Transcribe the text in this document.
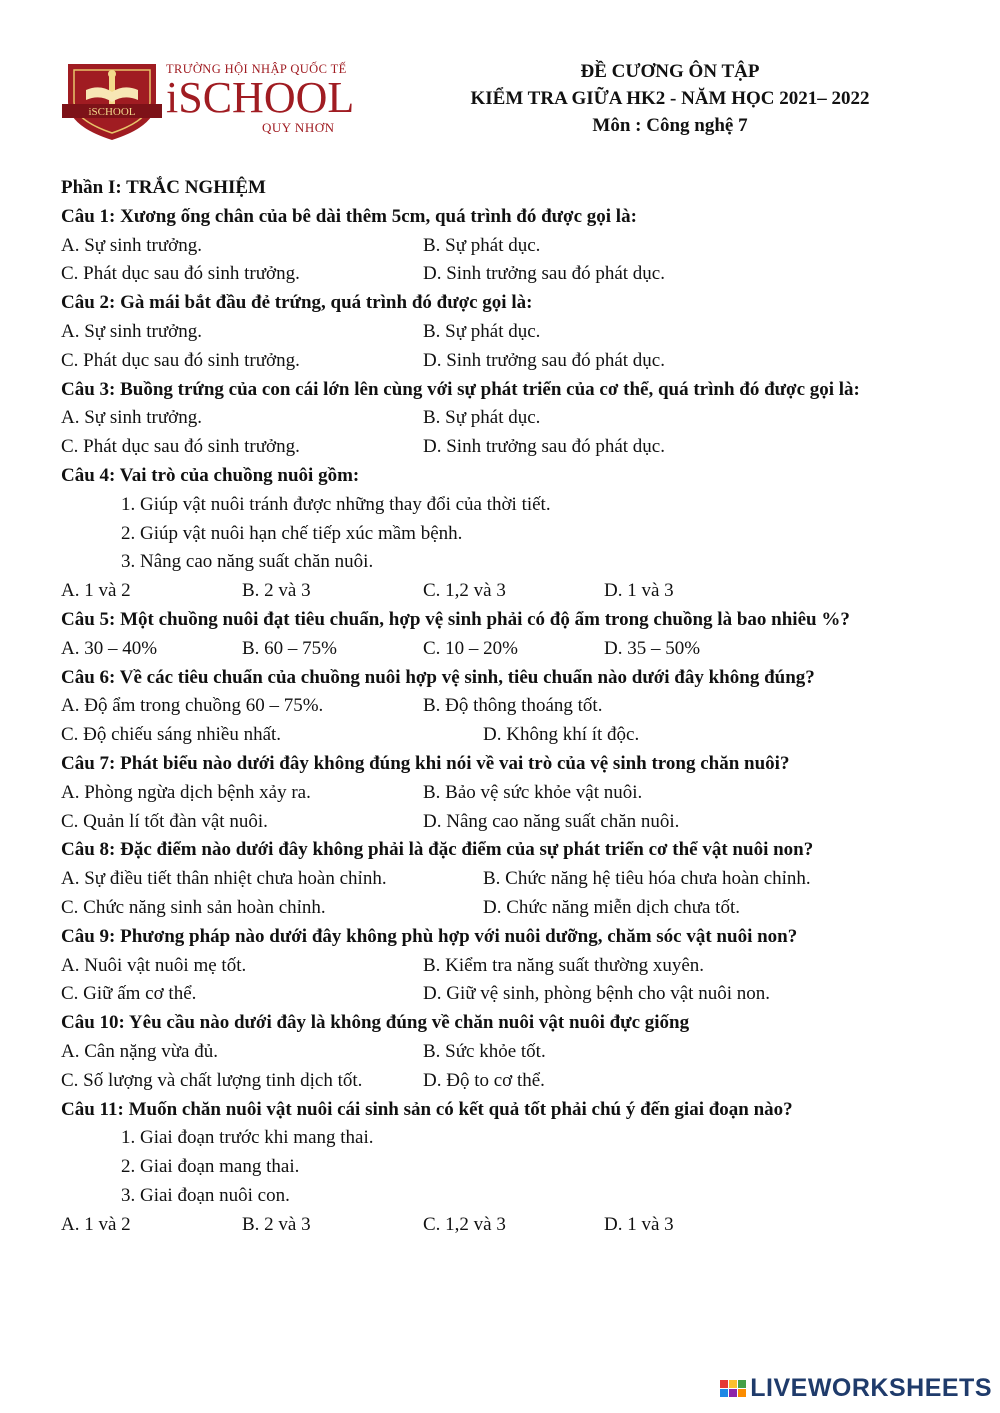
iSCHOOL
TRƯỜNG HỘI NHẬP QUỐC TẾ
iSCHOOL
QUY NHƠN
ĐỀ CƯƠNG ÔN TẬP
KIỂM TRA GIỮA HK2 - NĂM HỌC 2021– 2022
Môn : Công nghệ 7
Phần I: TRẮC NGHIỆM
Câu 1: Xương ống chân của bê dài thêm 5cm, quá trình đó được gọi là:
A. Sự sinh trưởng.	B. Sự phát dục.
C. Phát dục sau đó sinh trưởng.	D. Sinh trưởng sau đó phát dục.
Câu 2: Gà mái bắt đầu đẻ trứng, quá trình đó được gọi là:
A. Sự sinh trưởng.	B. Sự phát dục.
C. Phát dục sau đó sinh trưởng.	D. Sinh trưởng sau đó phát dục.
Câu 3: Buồng trứng của con cái lớn lên cùng với sự phát triển của cơ thể, quá trình đó được gọi là:
A. Sự sinh trưởng.	B. Sự phát dục.
C. Phát dục sau đó sinh trưởng.	D. Sinh trưởng sau đó phát dục.
Câu 4: Vai trò của chuồng nuôi gồm:
1. Giúp vật nuôi tránh được những thay đổi của thời tiết.
2. Giúp vật nuôi hạn chế tiếp xúc mầm bệnh.
3. Nâng cao năng suất chăn nuôi.
A. 1 và 2	B. 2 và 3	C. 1,2 và 3	D. 1 và 3
Câu 5: Một chuồng nuôi đạt tiêu chuẩn, hợp vệ sinh phải có độ ẩm trong chuồng là bao nhiêu %?
A. 30 – 40%	B. 60 – 75%	C. 10 – 20%	D. 35 – 50%
Câu 6: Về các tiêu chuẩn của chuồng nuôi hợp vệ sinh, tiêu chuẩn nào dưới đây không đúng?
A. Độ ẩm trong chuồng 60 – 75%.	B. Độ thông thoáng tốt.
C. Độ chiếu sáng nhiều nhất.	D. Không khí ít độc.
Câu 7: Phát biểu nào dưới đây không đúng khi nói về vai trò của vệ sinh trong chăn nuôi?
A. Phòng ngừa dịch bệnh xảy ra.	B. Bảo vệ sức khỏe vật nuôi.
C. Quản lí tốt đàn vật nuôi.	D. Nâng cao năng suất chăn nuôi.
Câu 8: Đặc điểm nào dưới đây không phải là đặc điểm của sự phát triển cơ thể vật nuôi non?
A. Sự điều tiết thân nhiệt chưa hoàn chỉnh.	B. Chức năng hệ tiêu hóa chưa hoàn chỉnh.
C. Chức năng sinh sản hoàn chỉnh.	D. Chức năng miễn dịch chưa tốt.
Câu 9: Phương pháp nào dưới đây không phù hợp với nuôi dưỡng, chăm sóc vật nuôi non?
A. Nuôi vật nuôi mẹ tốt.	B. Kiểm tra năng suất thường xuyên.
C. Giữ ấm cơ thể.	D. Giữ vệ sinh, phòng bệnh cho vật nuôi non.
Câu 10: Yêu cầu nào dưới đây là không đúng về chăn nuôi vật nuôi đực giống
A. Cân nặng vừa đủ.	B. Sức khỏe tốt.
C. Số lượng và chất lượng tinh dịch tốt.	D. Độ to cơ thể.
Câu 11: Muốn chăn nuôi vật nuôi cái sinh sản có kết quả tốt phải chú ý đến giai đoạn nào?
1. Giai đoạn trước khi mang thai.
2. Giai đoạn mang thai.
3. Giai đoạn nuôi con.
A. 1 và 2	B. 2 và 3	C. 1,2 và 3	D. 1 và 3
LIVEWORKSHEETS
